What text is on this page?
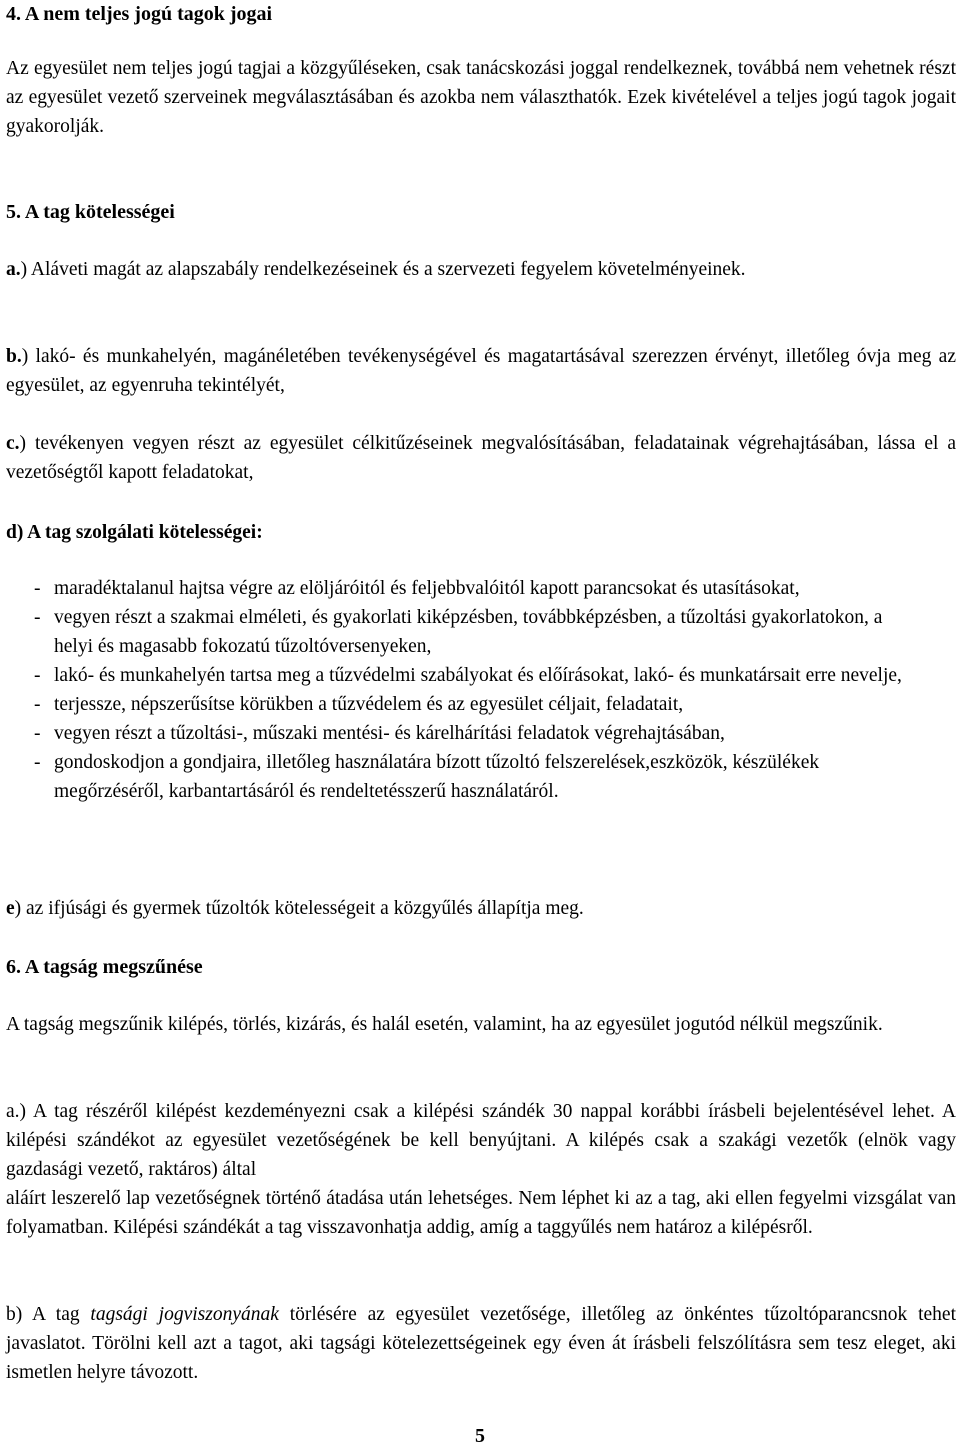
4. A nem teljes jogú tagok jogai

Az egyesület nem teljes jogú tagjai a közgyűléseken, csak tanácskozási joggal rendelkeznek, továbbá nem vehetnek részt az egyesület vezető szerveinek megválasztásában és azokba nem választhatók. Ezek kivételével a teljes jogú tagok jogait gyakorolják.

5. A tag kötelességei

a.) Aláveti magát az alapszabály rendelkezéseinek és a szervezeti fegyelem követelményeinek.

b.) lakó- és munkahelyén, magánéletében tevékenységével és magatartásával szerezzen érvényt, illetőleg óvja meg az egyesület, az egyenruha tekintélyét,

c.) tevékenyen vegyen részt az egyesület célkitűzéseinek megvalósításában, feladatainak végrehajtásában, lássa el a vezetőségtől kapott feladatokat,

d) A tag szolgálati kötelességei:

- maradéktalanul hajtsa végre az elöljáróitól és feljebbvalóitól kapott parancsokat és utasításokat,
- vegyen részt a szakmai elméleti, és gyakorlati kiképzésben, továbbképzésben, a tűzoltási gyakorlatokon, a helyi és magasabb fokozatú tűzoltóversenyeken,
- lakó- és munkahelyén tartsa meg a tűzvédelmi szabályokat és előírásokat, lakó- és munkatársait erre nevelje,
- terjessze, népszerűsítse körükben a tűzvédelem és az egyesület céljait, feladatait,
- vegyen részt a tűzoltási-, műszaki mentési- és kárelhárítási feladatok végrehajtásában,
- gondoskodjon a gondjaira, illetőleg használatára bízott tűzoltó felszerelések,eszközök, készülékek megőrzéséről, karbantartásáról és rendeltetésszerű használatáról.

e) az ifjúsági és gyermek tűzoltók kötelességeit a közgyűlés állapítja meg.

6. A tagság megszűnése

A tagság megszűnik kilépés, törlés, kizárás, és halál esetén, valamint, ha az egyesület jogutód nélkül megszűnik.

a.) A tag részéről kilépést kezdeményezni csak a kilépési szándék 30 nappal korábbi írásbeli bejelentésével lehet. A kilépési szándékot az egyesület vezetőségének be kell benyújtani. A kilépés csak a szakági vezetők (elnök vagy gazdasági vezető, raktáros) által

aláírt leszerelő lap vezetőségnek történő átadása után lehetséges. Nem léphet ki az a tag, aki ellen fegyelmi vizsgálat van folyamatban. Kilépési szándékát a tag visszavonhatja addig, amíg a taggyűlés nem határoz a kilépésről.

b) A tag tagsági jogviszonyának törlésére az egyesület vezetősége, illetőleg az önkéntes tűzoltóparancsnok tehet javaslatot. Törölni kell azt a tagot, aki tagsági kötelezettségeinek egy éven át írásbeli felszólításra sem tesz eleget, aki ismetlen helyre távozott.

5
